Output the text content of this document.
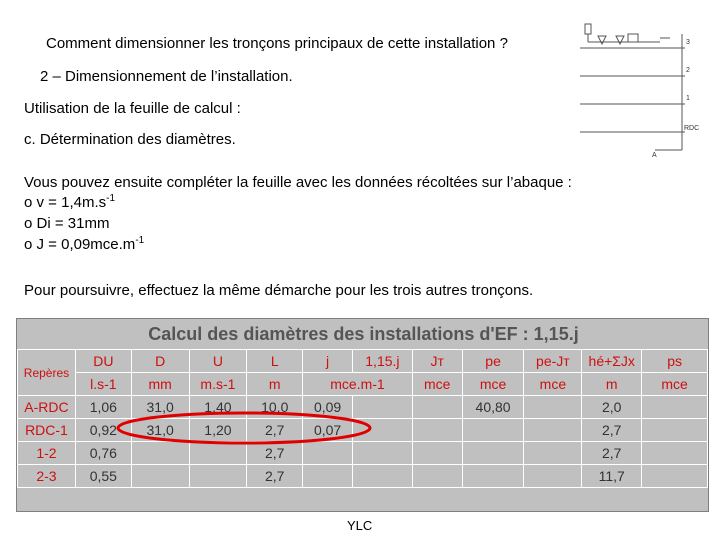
Comment dimensionner les tronçons principaux de cette installation ?
2 – Dimensionnement de l’installation.
Utilisation de la feuille de calcul :
c. Détermination des diamètres.
3
2
1
RDC
A
Vous pouvez ensuite compléter la feuille avec les données récoltées sur l’abaque :
o $v = 1,4m.s^{-1}$
o Di = 31mm
o $J = 0,09mce.m^{-1}$
Pour poursuivre, effectuez la même démarche pour les trois autres tronçons.
Calcul des diamètres des installations d'EF : 1,15.j
Repères	DU	D	U	L	j	1,15.j	Jт	pe	pe-Jт	hé+ΣJx	ps
	l.s-1	mm	m.s-1	m	mce.m-1		mce	mce	mce	m	mce
A-RDC	1,06	31,0	1,40	10,0	0,09			40,80		2,0	
RDC-1	0,92	31,0	1,20	2,7	0,07					2,7	
1-2	0,76			2,7						2,7	
2-3	0,55			2,7						11,7	
YLC
